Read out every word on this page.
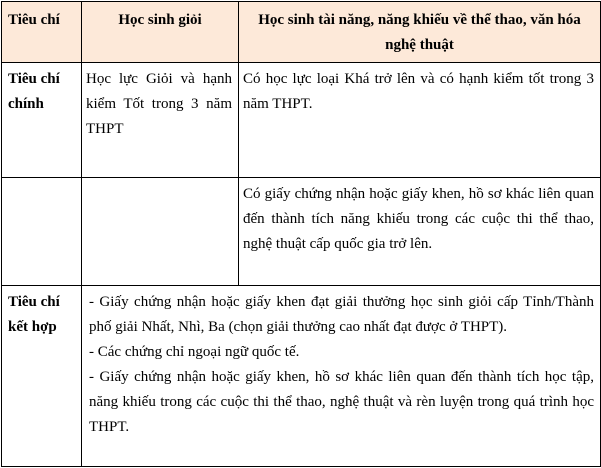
Tiêu chí	Học sinh giỏi	Học sinh tài năng, năng khiếu về thể thao, văn hóa nghệ thuật
Tiêu chí chính	Học lực Giỏi và hạnh kiểm Tốt trong 3 năm THPT	Có học lực loại Khá trở lên và có hạnh kiểm tốt trong 3 năm THPT.
		Có giấy chứng nhận hoặc giấy khen, hồ sơ khác liên quan đến thành tích năng khiếu trong các cuộc thi thể thao, nghệ thuật cấp quốc gia trở lên.
Tiêu chí kết hợp	- Giấy chứng nhận hoặc giấy khen đạt giải thưởng học sinh giỏi cấp Tỉnh/Thành phố giải Nhất, Nhì, Ba (chọn giải thưởng cao nhất đạt được ở THPT).
- Các chứng chỉ ngoại ngữ quốc tế.
- Giấy chứng nhận hoặc giấy khen, hồ sơ khác liên quan đến thành tích học tập, năng khiếu trong các cuộc thi thể thao, nghệ thuật và rèn luyện trong quá trình học THPT.	
